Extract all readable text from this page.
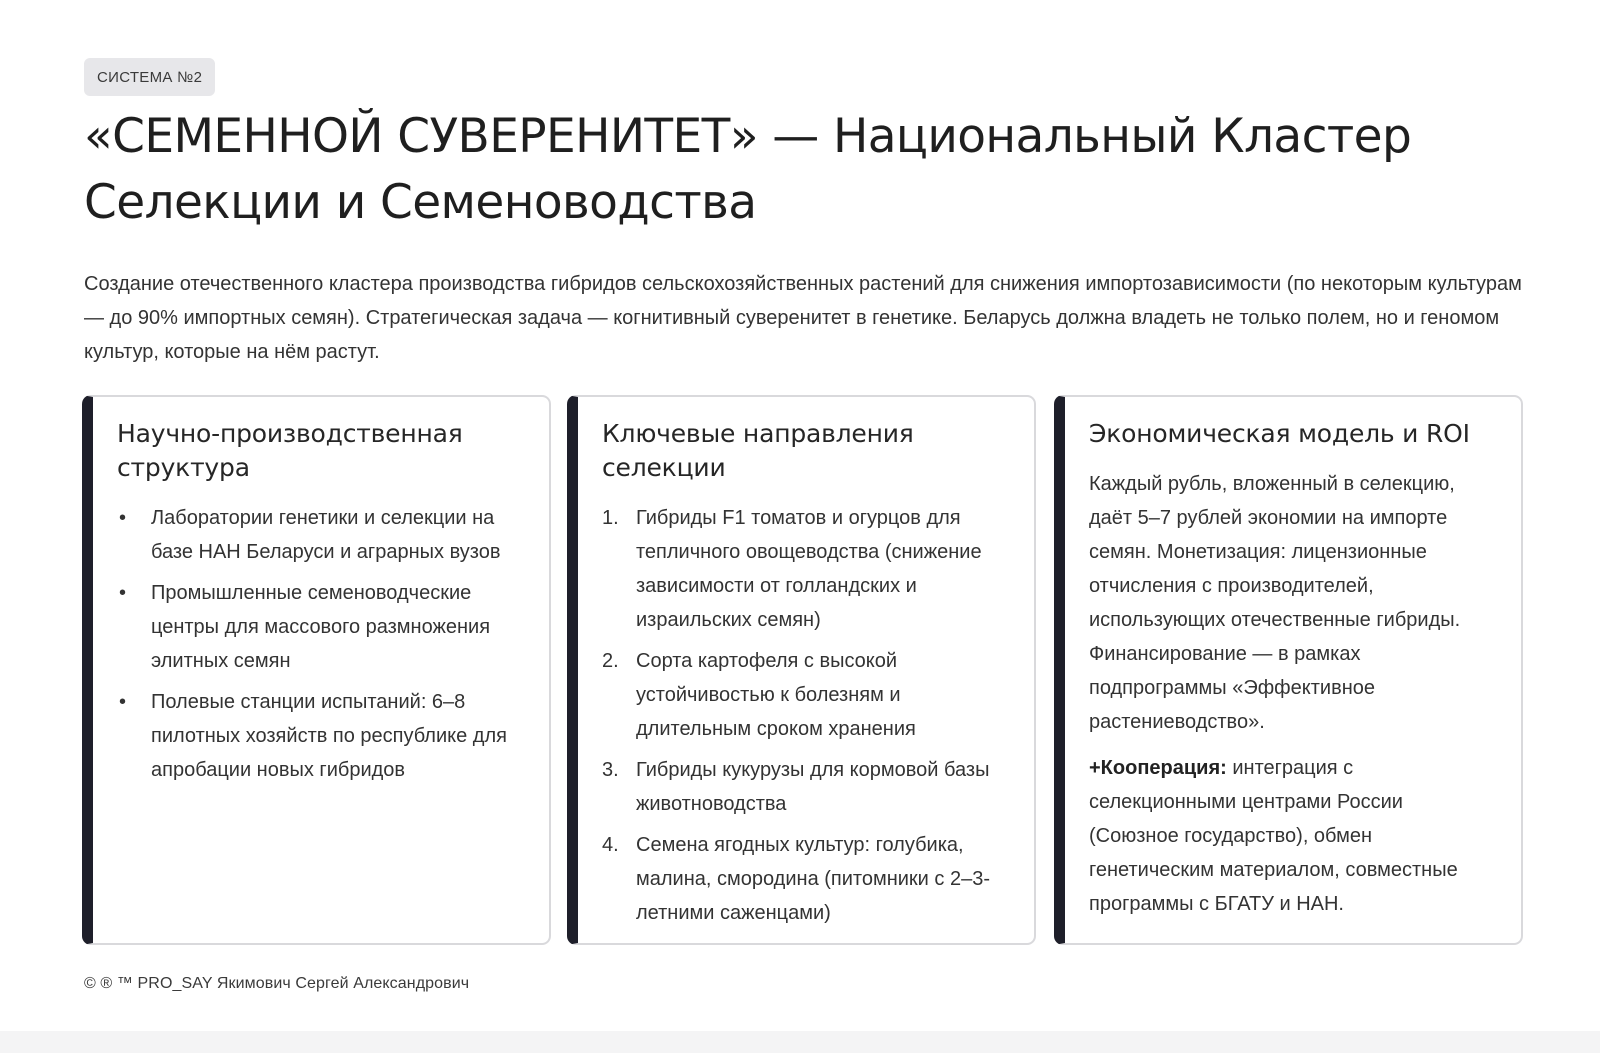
СИСТЕМА №2
«СЕМЕННОЙ СУВЕРЕНИТЕТ» — Национальный Кластер Селекции и Семеноводства

Создание отечественного кластера производства гибридов сельскохозяйственных растений для снижения импортозависимости (по некоторым культурам — до 90% импортных семян). Стратегическая задача — когнитивный суверенитет в генетике. Беларусь должна владеть не только полем, но и геномом культур, которые на нём растут.

Научно-производственная структура
• Лаборатории генетики и селекции на базе НАН Беларуси и аграрных вузов
• Промышленные семеноводческие центры для массового размножения элитных семян
• Полевые станции испытаний: 6–8 пилотных хозяйств по республике для апробации новых гибридов
Ключевые направления селекции
1. Гибриды F1 томатов и огурцов для тепличного овощеводства (снижение зависимости от голландских и израильских семян)
2. Сорта картофеля с высокой устойчивостью к болезням и длительным сроком хранения
3. Гибриды кукурузы для кормовой базы животноводства
4. Семена ягодных культур: голубика, малина, смородина (питомники с 2–3-летними саженцами)
Экономическая модель и ROI

Каждый рубль, вложенный в селекцию, даёт 5–7 рублей экономии на импорте семян. Монетизация: лицензионные отчисления с производителей, использующих отечественные гибриды. Финансирование — в рамках подпрограммы «Эффективное растениеводство».

+Кооперация: интеграция с селекционными центрами России (Союзное государство), обмен генетическим материалом, совместные программы с БГАТУ и НАН.

© ® ™ PRO_SAY Якимович Сергей Александрович
